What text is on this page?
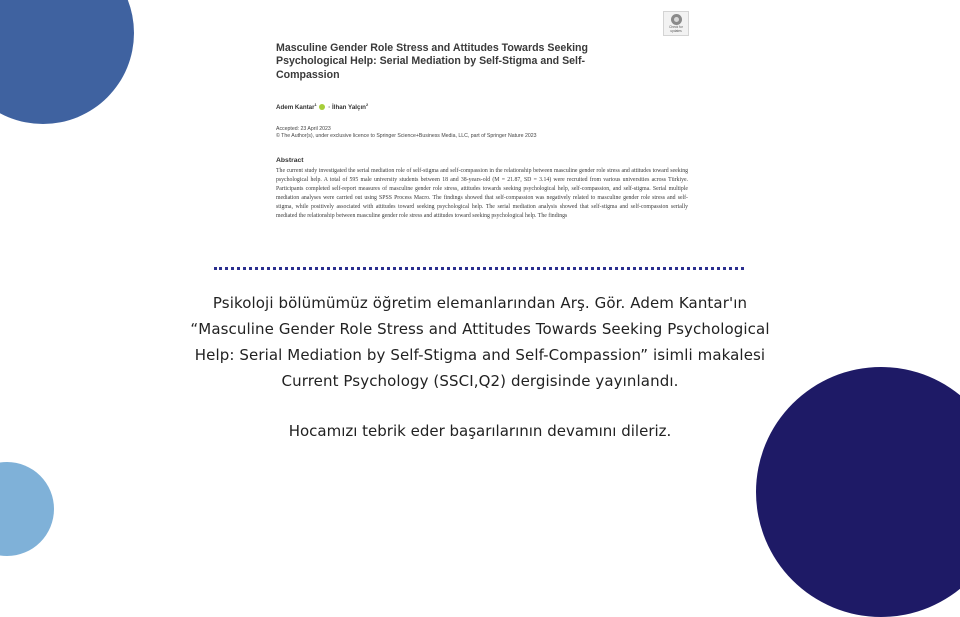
Check for updates
Masculine Gender Role Stress and Attitudes Towards Seeking Psychological Help: Serial Mediation by Self-Stigma and Self-Compassion
Adem Kantar$^1$ · İlhan Yalçın$^2$
Accepted: 23 April 2023
© The Author(s), under exclusive licence to Springer Science+Business Media, LLC, part of Springer Nature 2023
Abstract
The current study investigated the serial mediation role of self-stigma and self-compassion in the relationship between masculine gender role stress and attitudes toward seeking psychological help. A total of 595 male university students between 18 and 38-years-old (M = 21.87, SD = 3.14) were recruited from various universities across Türkiye. Participants completed self-report measures of masculine gender role stress, attitudes towards seeking psychological help, self-compassion, and self-stigma. Serial multiple mediation analyses were carried out using SPSS Process Macro. The findings showed that self-compassion was negatively related to masculine gender role stress and self-stigma, while positively associated with attitudes toward seeking psychological help. The serial mediation analysis showed that self-stigma and self-compassion serially mediated the relationship between masculine gender role stress and attitudes toward seeking psychological help. The findings
Psikoloji bölümümüz öğretim elemanlarından Arş. Gör. Adem Kantar'ın
“Masculine Gender Role Stress and Attitudes Towards Seeking Psychological
Help: Serial Mediation by Self-Stigma and Self-Compassion” isimli makalesi
Current Psychology (SSCI,Q2) dergisinde yayınlandı.
Hocamızı tebrik eder başarılarının devamını dileriz.
